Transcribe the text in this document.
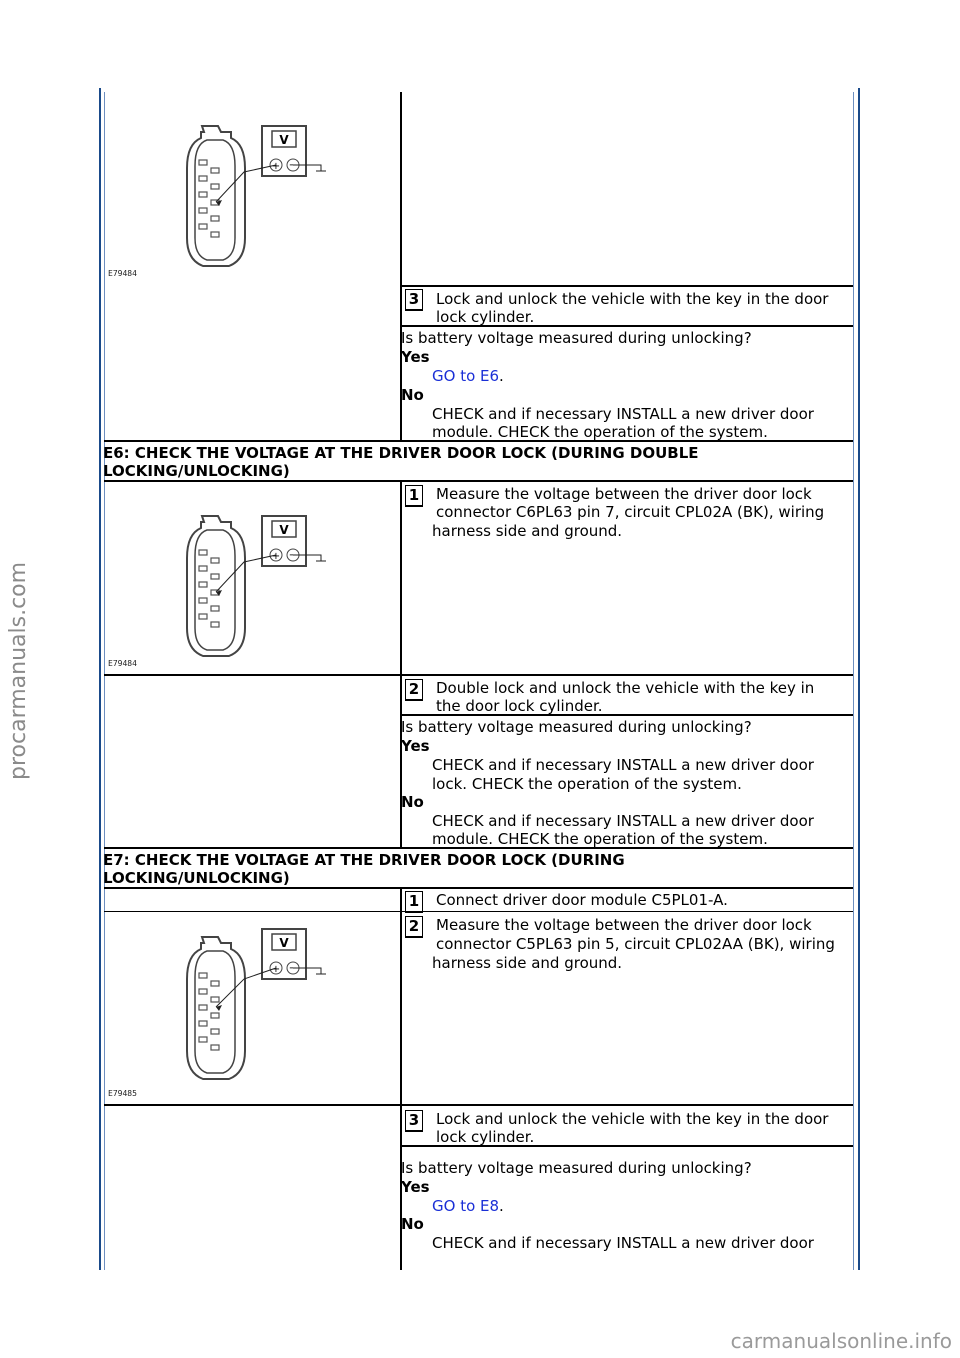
V
+ −
E79484
3 Lock and unlock the vehicle with the key in the door
lock cylinder.
Is battery voltage measured during unlocking?
Yes
GO to E6.
No
CHECK and if necessary INSTALL a new driver door
module. CHECK the operation of the system.
E6: CHECK THE VOLTAGE AT THE DRIVER DOOR LOCK (DURING DOUBLE
LOCKING/UNLOCKING)
V
+ −
E79484
1 Measure the voltage between the driver door lock
connector C6PL63 pin 7, circuit CPL02A (BK), wiring
harness side and ground.
2 Double lock and unlock the vehicle with the key in
the door lock cylinder.
Is battery voltage measured during unlocking?
Yes
CHECK and if necessary INSTALL a new driver door
lock. CHECK the operation of the system.
No
CHECK and if necessary INSTALL a new driver door
module. CHECK the operation of the system.
E7: CHECK THE VOLTAGE AT THE DRIVER DOOR LOCK (DURING
LOCKING/UNLOCKING)
1 Connect driver door module C5PL01-A.
V
+ −
E79485
2 Measure the voltage between the driver door lock
connector C5PL63 pin 5, circuit CPL02AA (BK), wiring
harness side and ground.
3 Lock and unlock the vehicle with the key in the door
lock cylinder.
Is battery voltage measured during unlocking?
Yes
GO to E8.
No
CHECK and if necessary INSTALL a new driver door
procarmanuals.com
carmanualsonline.info
